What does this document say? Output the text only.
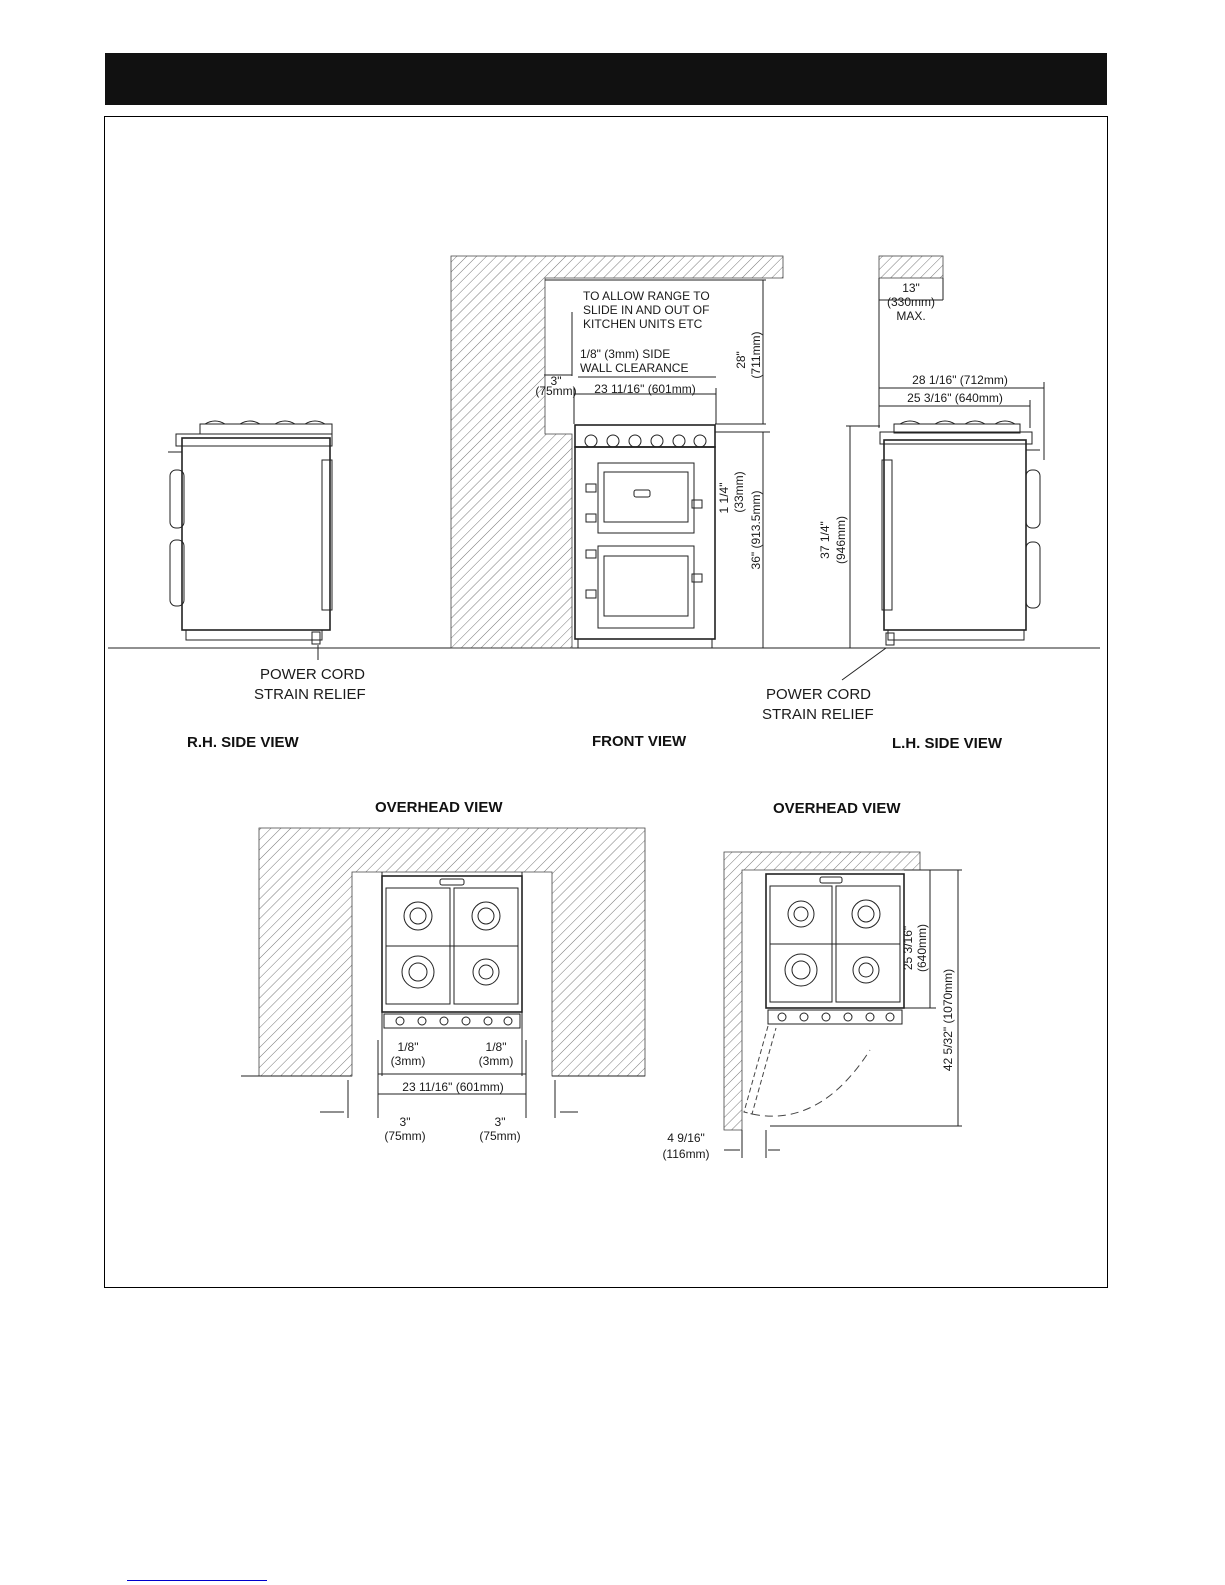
POWER CORD
STRAIN RELIEF
R.H. SIDE VIEW
TO ALLOW RANGE TO
SLIDE IN AND OUT OF
KITCHEN UNITS ETC
1/8" (3mm) SIDE
WALL CLEARANCE
3"
(75mm) 23 11/16" (601mm)
28" (711mm)
1 1/4" (33mm) 36" (913.5mm)
FRONT VIEW
13"
(330mm)
MAX.
28 1/16" (712mm)
25 3/16" (640mm)
37 1/4" (946mm)
POWER CORD
STRAIN RELIEF
L.H. SIDE VIEW
OVERHEAD VIEW
1/8"
(3mm)
1/8"
(3mm)
23 11/16" (601mm)
3"
(75mm)
3"
(75mm)
OVERHEAD VIEW
25 3/16" (640mm)
42 5/32" (1070mm)
4 9/16"
(116mm)
